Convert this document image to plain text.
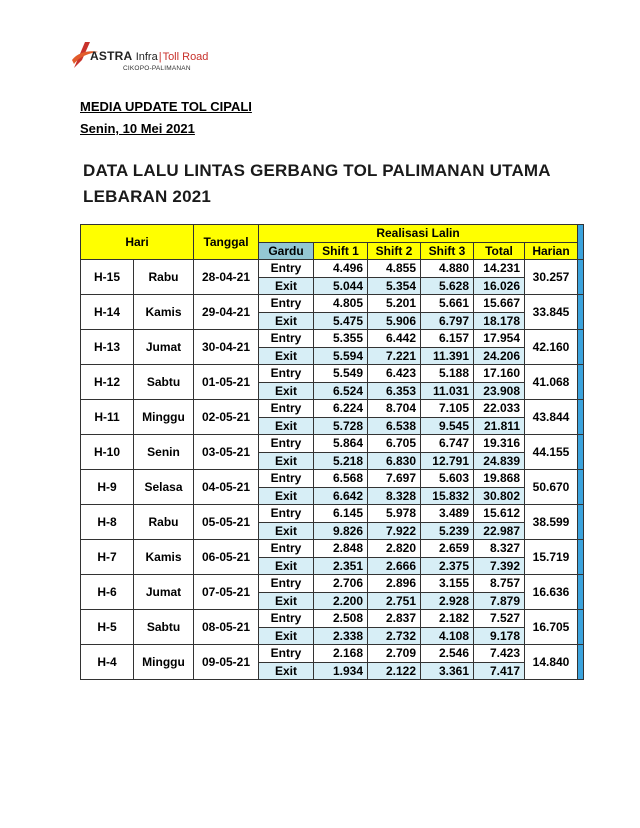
ASTRA Infra|Toll Road
CIKOPO-PALIMANAN
MEDIA UPDATE TOL CIPALI
Senin, 10 Mei 2021
DATA LALU LINTAS GERBANG TOL PALIMANAN UTAMA LEBARAN 2021
Hari		Tanggal	Realisasi Lalin						
			Gardu	Shift 1	Shift 2	Shift 3	Total	Harian	
H-15	Rabu	28-04-21	Entry	4.496	4.855	4.880	14.231	30.257	
			Exit	5.044	5.354	5.628	16.026		
H-14	Kamis	29-04-21	Entry	4.805	5.201	5.661	15.667	33.845	
			Exit	5.475	5.906	6.797	18.178		
H-13	Jumat	30-04-21	Entry	5.355	6.442	6.157	17.954	42.160	
			Exit	5.594	7.221	11.391	24.206		
H-12	Sabtu	01-05-21	Entry	5.549	6.423	5.188	17.160	41.068	
			Exit	6.524	6.353	11.031	23.908		
H-11	Minggu	02-05-21	Entry	6.224	8.704	7.105	22.033	43.844	
			Exit	5.728	6.538	9.545	21.811		
H-10	Senin	03-05-21	Entry	5.864	6.705	6.747	19.316	44.155	
			Exit	5.218	6.830	12.791	24.839		
H-9	Selasa	04-05-21	Entry	6.568	7.697	5.603	19.868	50.670	
			Exit	6.642	8.328	15.832	30.802		
H-8	Rabu	05-05-21	Entry	6.145	5.978	3.489	15.612	38.599	
			Exit	9.826	7.922	5.239	22.987		
H-7	Kamis	06-05-21	Entry	2.848	2.820	2.659	8.327	15.719	
			Exit	2.351	2.666	2.375	7.392		
H-6	Jumat	07-05-21	Entry	2.706	2.896	3.155	8.757	16.636	
			Exit	2.200	2.751	2.928	7.879		
H-5	Sabtu	08-05-21	Entry	2.508	2.837	2.182	7.527	16.705	
			Exit	2.338	2.732	4.108	9.178		
H-4	Minggu	09-05-21	Entry	2.168	2.709	2.546	7.423	14.840	
			Exit	1.934	2.122	3.361	7.417		
